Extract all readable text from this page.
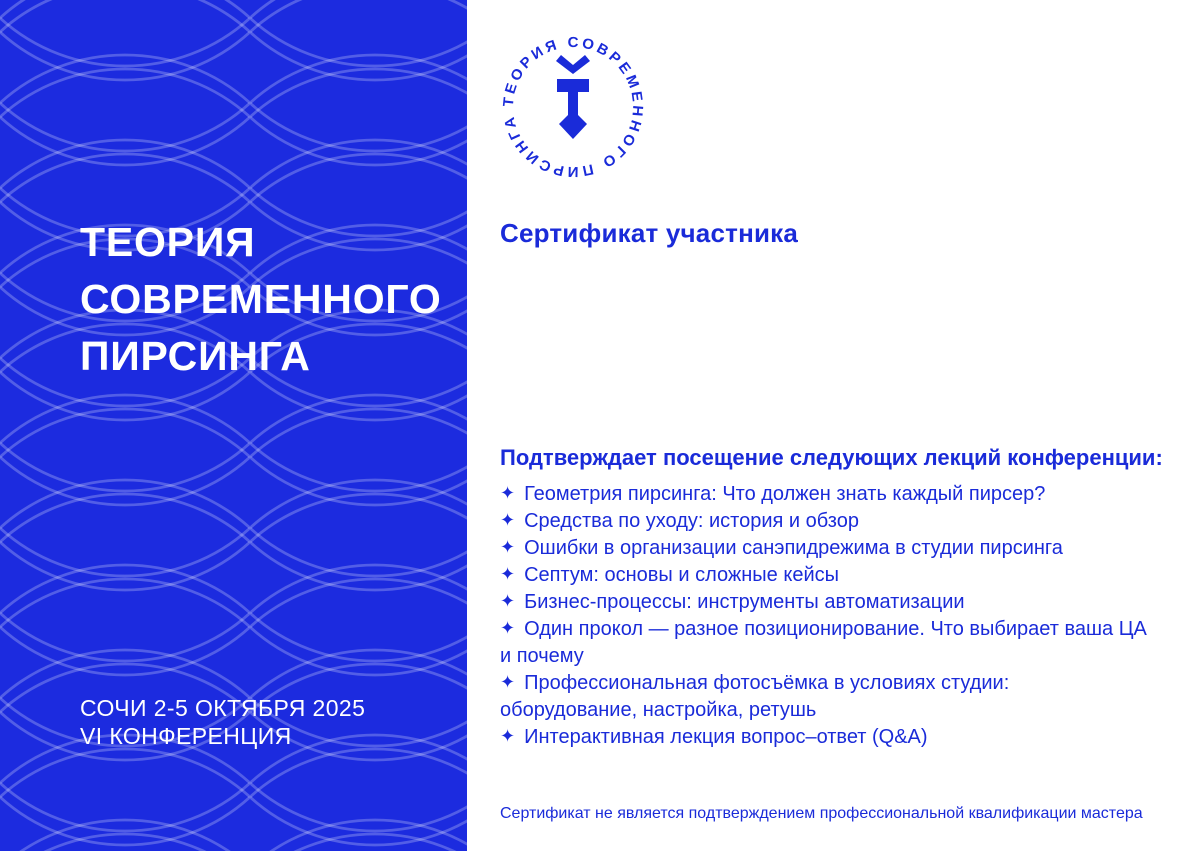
ТЕОРИЯ
СОВРЕМЕННОГО
ПИРСИНГА
СОЧИ 2-5 ОКТЯБРЯ 2025
VI КОНФЕРЕНЦИЯ
ТЕОРИЯ СОВРЕМЕННОГО ПИРСИНГА
Сертификат участника
Подтверждает посещение следующих лекций конференции:
✦ Геометрия пирсинга: Что должен знать каждый пирсер?
✦ Средства по уходу: история и обзор
✦ Ошибки в организации санэпидрежима в студии пирсинга
✦ Септум: основы и сложные кейсы
✦ Бизнес-процессы: инструменты автоматизации
✦ Один прокол — разное позиционирование. Что выбирает ваша ЦА и почему
✦ Профессиональная фотосъёмка в условиях студии: оборудование, настройка, ретушь
✦ Интерактивная лекция вопрос–ответ (Q&A)

Сертификат не является подтверждением профессиональной квалификации мастера
